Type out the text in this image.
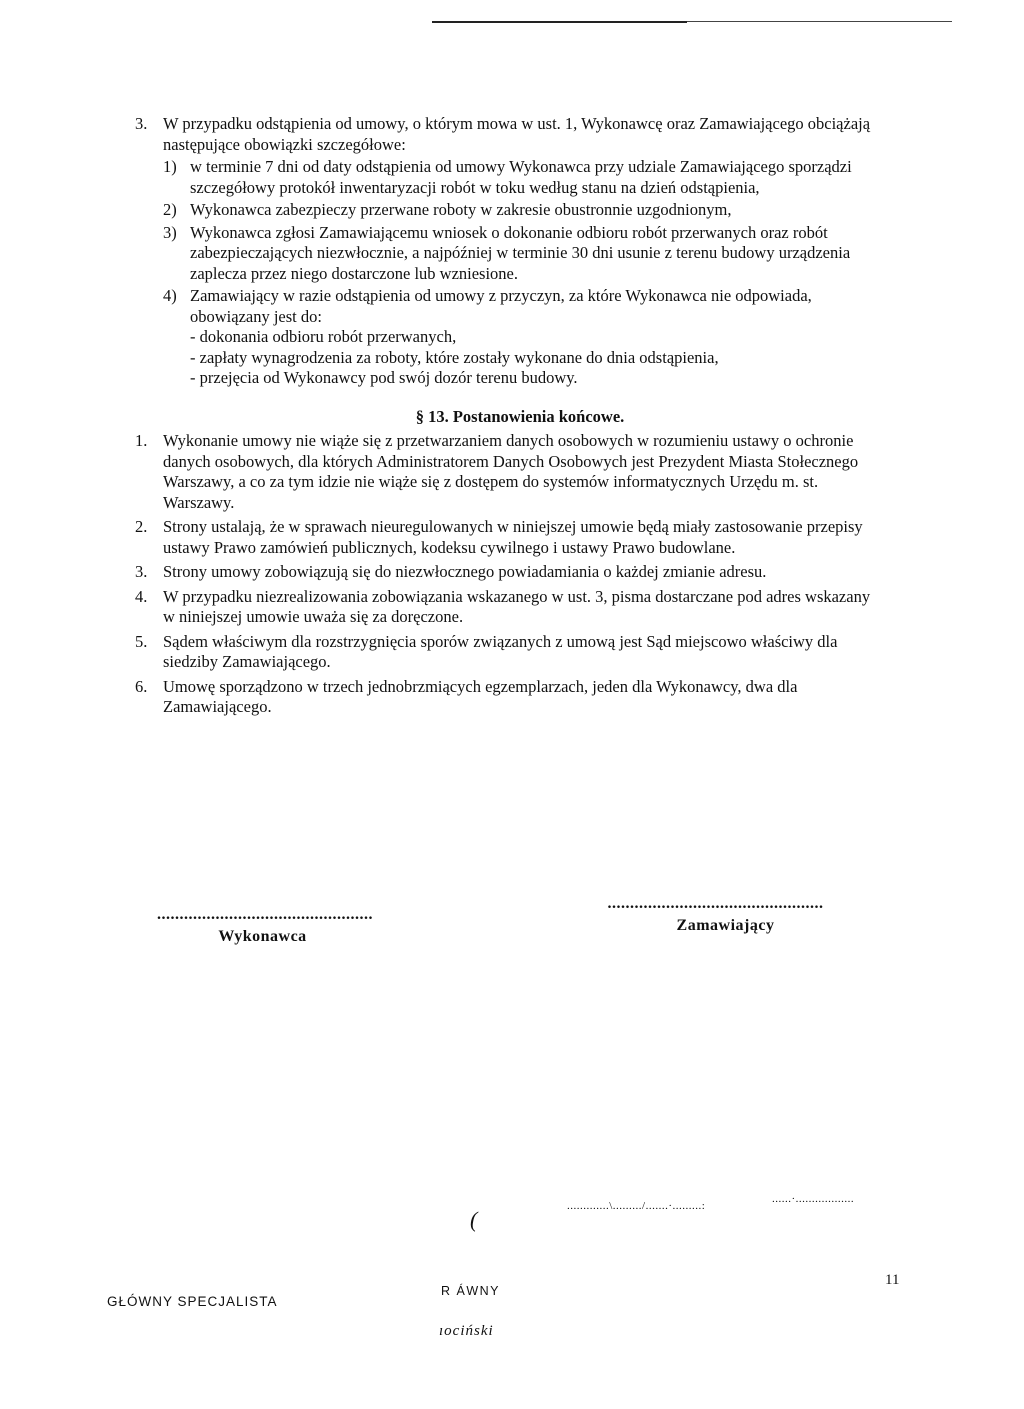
3. W przypadku odstąpienia od umowy, o którym mowa w ust. 1, Wykonawcę oraz Zamawiającego obciążają następujące obowiązki szczegółowe:
1) w terminie 7 dni od daty odstąpienia od umowy Wykonawca przy udziale Zamawiającego sporządzi szczegółowy protokół inwentaryzacji robót w toku według stanu na dzień odstąpienia,
2) Wykonawca zabezpieczy przerwane roboty w zakresie obustronnie uzgodnionym,
3) Wykonawca zgłosi Zamawiającemu wniosek o dokonanie odbioru robót przerwanych oraz robót zabezpieczających niezwłocznie, a najpóźniej w terminie 30 dni usunie z terenu budowy urządzenia zaplecza przez niego dostarczone lub wzniesione.
4) Zamawiający w razie odstąpienia od umowy z przyczyn, za które Wykonawca nie odpowiada, obowiązany jest do:
- dokonania odbioru robót przerwanych,
- zapłaty wynagrodzenia za roboty, które zostały wykonane do dnia odstąpienia,
- przejęcia od Wykonawcy pod swój dozór terenu budowy.
§ 13. Postanowienia końcowe.
1. Wykonanie umowy nie wiąże się z przetwarzaniem danych osobowych w rozumieniu ustawy o ochronie danych osobowych, dla których Administratorem Danych Osobowych jest Prezydent Miasta Stołecznego Warszawy, a co za tym idzie nie wiąże się z dostępem do systemów informatycznych Urzędu m. st. Warszawy.
2. Strony ustalają, że w sprawach nieuregulowanych w niniejszej umowie będą miały zastosowanie przepisy ustawy Prawo zamówień publicznych, kodeksu cywilnego i ustawy Prawo budowlane.
3. Strony umowy zobowiązują się do niezwłocznego powiadamiania o każdej zmianie adresu.
4. W przypadku niezrealizowania zobowiązania wskazanego w ust. 3, pisma dostarczane pod adres wskazany w niniejszej umowie uważa się za doręczone.
5. Sądem właściwym dla rozstrzygnięcia sporów związanych z umową jest Sąd miejscowo właściwy dla siedziby Zamawiającego.
6. Umowę sporządzono w trzech jednobrzmiących egzemplarzach, jeden dla Wykonawcy, dwa dla Zamawiającego.
................................................
Wykonawca
................................................
Zamawiający
(
.............\........./.......·.........:
......·..................
GŁÓWNY SPECJALISTA
R ÁWNY
ıociński
11
